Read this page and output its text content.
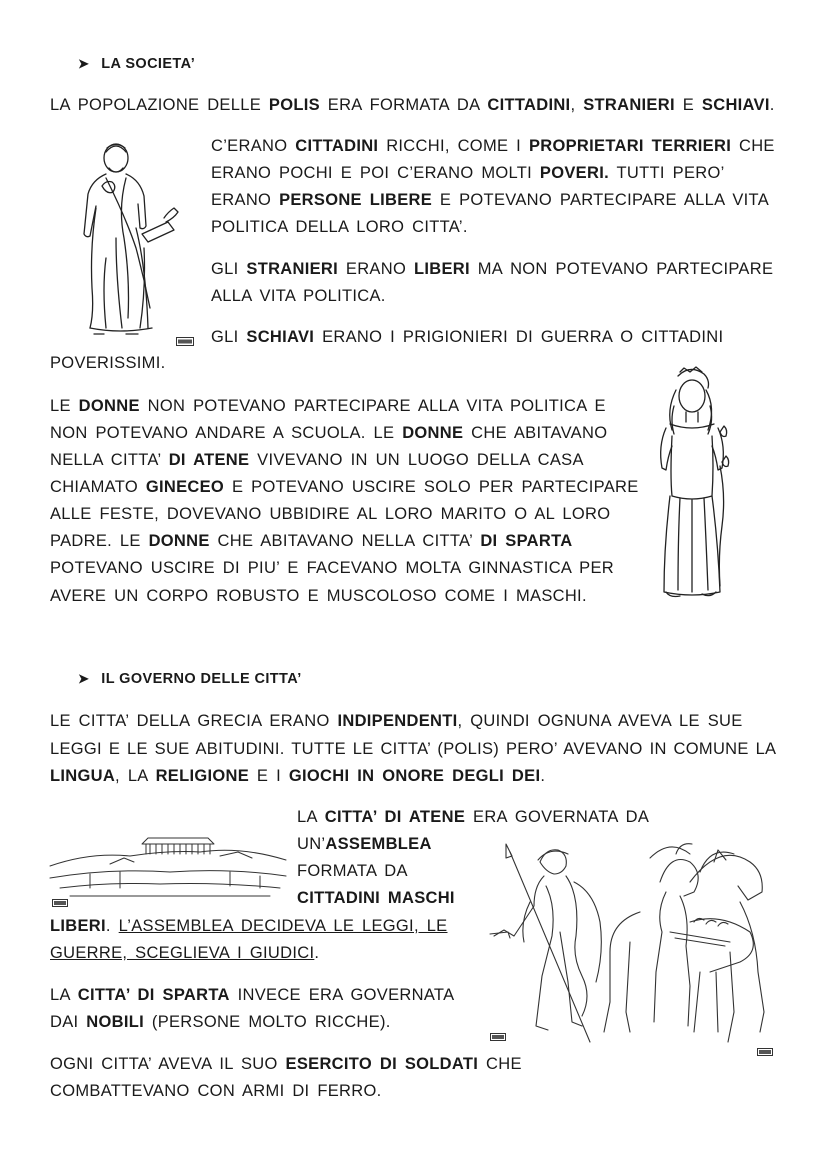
➤ LA SOCIETA’
LA POPOLAZIONE DELLE POLIS ERA FORMATA DA CITTADINI, STRANIERI E SCHIAVI.
C’ERANO CITTADINI RICCHI, COME I PROPRIETARI TERRIERI CHE
ERANO POCHI E POI C’ERANO MOLTI POVERI. TUTTI PERO’
ERANO PERSONE LIBERE E POTEVANO PARTECIPARE ALLA VITA
POLITICA DELLA LORO CITTA’.
GLI STRANIERI ERANO LIBERI MA NON POTEVANO PARTECIPARE
ALLA VITA POLITICA.
GLI SCHIAVI ERANO I PRIGIONIERI DI GUERRA O CITTADINI
POVERISSIMI.
LE DONNE NON POTEVANO PARTECIPARE ALLA VITA POLITICA E
NON POTEVANO ANDARE A SCUOLA. LE DONNE CHE ABITAVANO
NELLA CITTA’ DI ATENE VIVEVANO IN UN LUOGO DELLA CASA
CHIAMATO GINECEO E POTEVANO USCIRE SOLO PER PARTECIPARE
ALLE FESTE, DOVEVANO UBBIDIRE AL LORO MARITO O AL LORO
PADRE. LE DONNE CHE ABITAVANO NELLA CITTA’ DI SPARTA
POTEVANO USCIRE DI PIU’ E FACEVANO MOLTA GINNASTICA PER
AVERE UN CORPO ROBUSTO E MUSCOLOSO COME I MASCHI.
➤ IL GOVERNO DELLE CITTA’
LE CITTA’ DELLA GRECIA ERANO INDIPENDENTI, QUINDI OGNUNA AVEVA LE SUE
LEGGI E LE SUE ABITUDINI. TUTTE LE CITTA’ (POLIS) PERO’ AVEVANO IN COMUNE LA
LINGUA, LA RELIGIONE E I GIOCHI IN ONORE DEGLI DEI.
LA CITTA’ DI ATENE ERA GOVERNATA DA
UN’ASSEMBLEA
FORMATA DA
CITTADINI MASCHI
LIBERI. L’ASSEMBLEA DECIDEVA LE LEGGI, LE
GUERRE, SCEGLIEVA I GIUDICI.
LA CITTA’ DI SPARTA INVECE ERA GOVERNATA
DAI NOBILI (PERSONE MOLTO RICCHE).
OGNI CITTA’ AVEVA IL SUO ESERCITO DI SOLDATI CHE
COMBATTEVANO CON ARMI DI FERRO.
